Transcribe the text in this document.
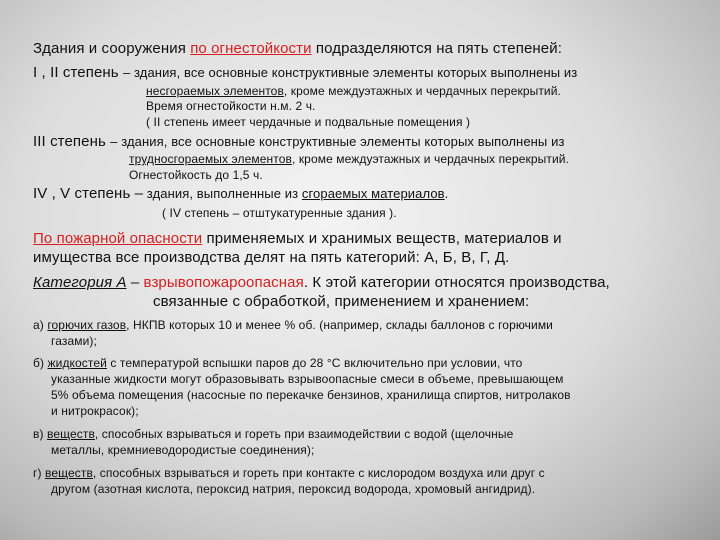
Здания и сооружения по огнестойкости подразделяются на пять степеней:
I , II степень – здания, все основные конструктивные элементы которых выполнены из
несгораемых элементов, кроме междуэтажных и чердачных перекрытий.
Время огнестойкости н.м. 2 ч.
( II степень имеет чердачные и подвальные помещения )
III степень – здания, все основные конструктивные элементы которых выполнены из
трудносгораемых элементов, кроме междуэтажных и чердачных перекрытий.
Огнестойкость до 1,5 ч.
IV , V степень – здания, выполненные из сгораемых материалов.
( IV степень – отштукатуренные здания ).
По пожарной опасности применяемых и хранимых веществ, материалов и
имущества все производства делят на пять категорий: А, Б, В, Г, Д.
Категория А – взрывопожароопасная. К этой категории относятся производства,
связанные с обработкой, применением и хранением:
а) горючих газов, НКПВ которых 10 и менее % об. (например, склады баллонов с горючими
газами);
б) жидкостей с температурой вспышки паров до 28 °С включительно при условии, что
указанные жидкости могут образовывать взрывоопасные смеси в объеме, превышающем
5% объема помещения (насосные по перекачке бензинов, хранилища спиртов, нитролаков
и нитрокрасок);
в) веществ, способных взрываться и гореть при взаимодействии с водой (щелочные
металлы, кремниеводородистые соединения);
г) веществ, способных взрываться и гореть при контакте с кислородом воздуха или друг с
другом (азотная кислота, пероксид натрия, пероксид водорода, хромовый ангидрид).
